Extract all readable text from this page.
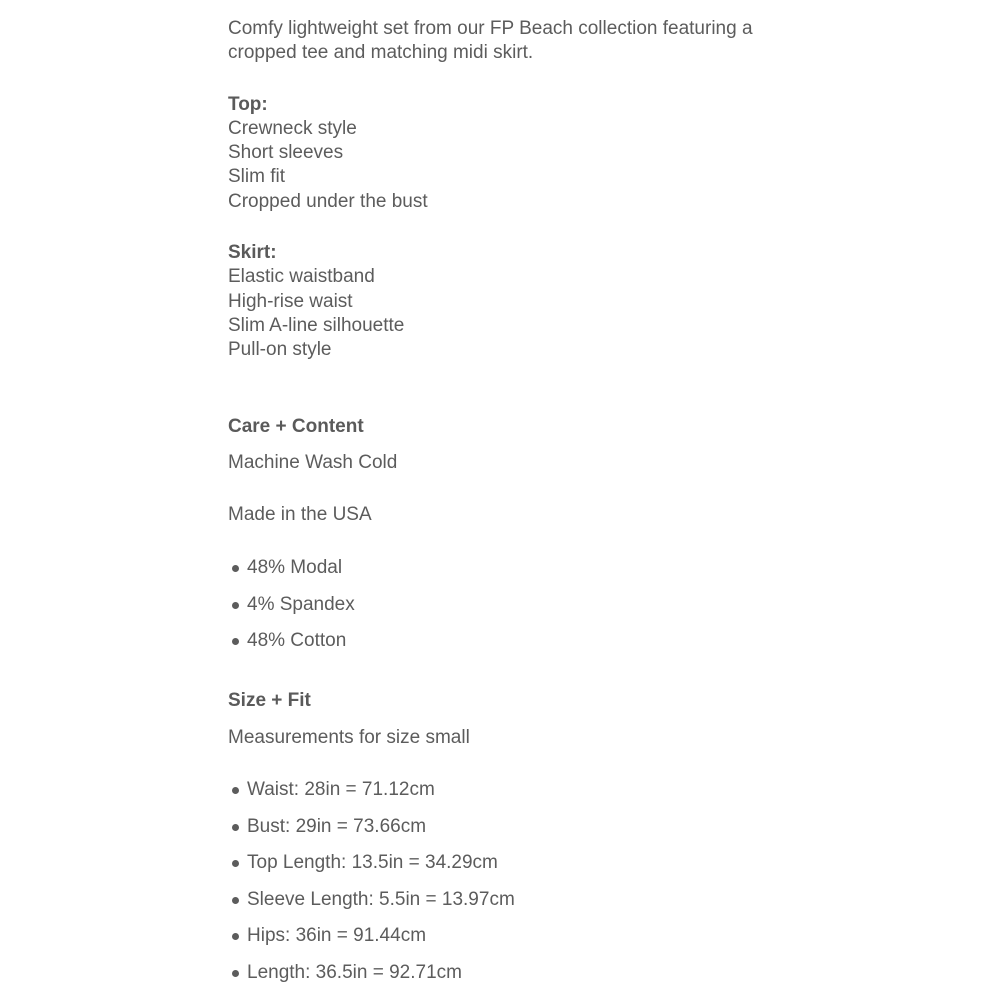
Comfy lightweight set from our FP Beach collection featuring a
cropped tee and matching midi skirt.
Top:
Crewneck style
Short sleeves
Slim fit
Cropped under the bust
Skirt:
Elastic waistband
High-rise waist
Slim A-line silhouette
Pull-on style
Care + Content
Machine Wash Cold
Made in the USA
48% Modal
4% Spandex
48% Cotton
Size + Fit
Measurements for size small
Waist: 28in = 71.12cm
Bust: 29in = 73.66cm
Top Length: 13.5in = 34.29cm
Sleeve Length: 5.5in = 13.97cm
Hips: 36in = 91.44cm
Length: 36.5in = 92.71cm
